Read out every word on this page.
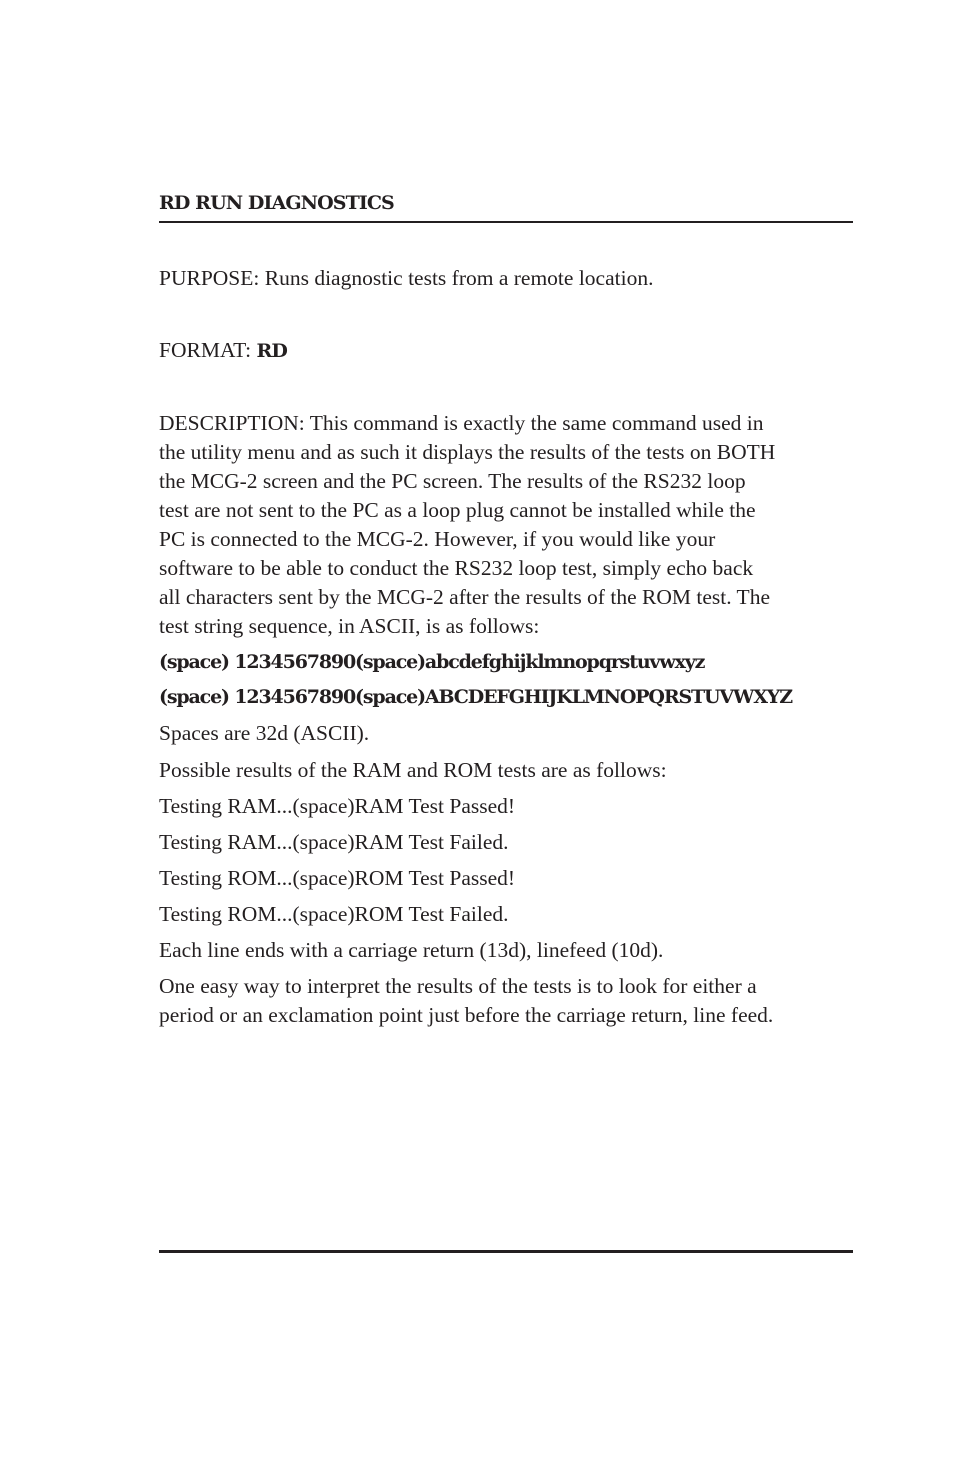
RD RUN DIAGNOSTICS
PURPOSE: Runs diagnostic tests from a remote location.
FORMAT: RD
DESCRIPTION: This command is exactly the same command used in
the utility menu and as such it displays the results of the tests on BOTH
the MCG-2 screen and the PC screen. The results of the RS232 loop
test are not sent to the PC as a loop plug cannot be installed while the
PC is connected to the MCG-2. However, if you would like your
software to be able to conduct the RS232 loop test, simply echo back
all characters sent by the MCG-2 after the results of the ROM test. The
test string sequence, in ASCII, is as follows:
(space) 1234567890(space)abcdefghijklmnopqrstuvwxyz
(space) 1234567890(space)ABCDEFGHIJKLMNOPQRSTUVWXYZ
Spaces are 32d (ASCII).
Possible results of the RAM and ROM tests are as follows:
Testing RAM...(space)RAM Test Passed!
Testing RAM...(space)RAM Test Failed.
Testing ROM...(space)ROM Test Passed!
Testing ROM...(space)ROM Test Failed.
Each line ends with a carriage return (13d), linefeed (10d).
One easy way to interpret the results of the tests is to look for either a
period or an exclamation point just before the carriage return, line feed.
